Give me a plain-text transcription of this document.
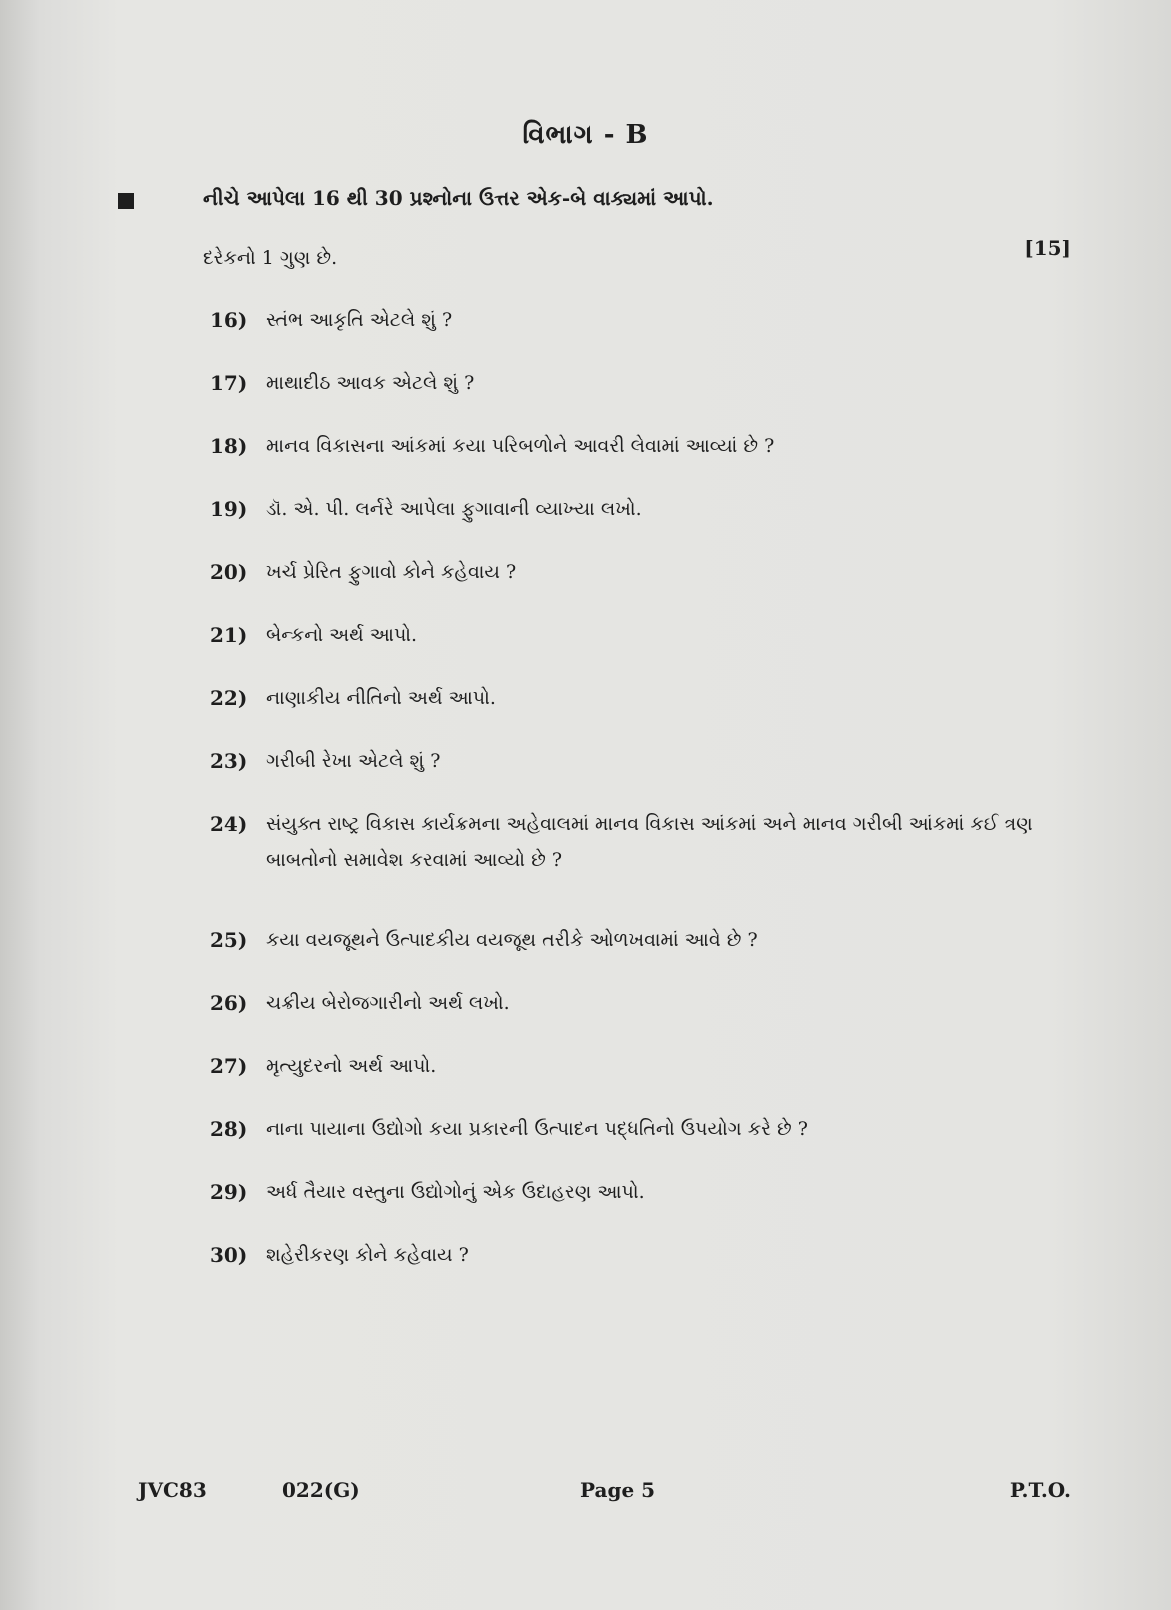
વિભાગ - B
નીચે આપેલા 16 થી 30 પ્રશ્નોના ઉત્તર એક-બે વાક્યમાં આપો.
દરેકનો 1 ગુણ છે.	[15]
16) સ્તંભ આકૃતિ એટલે શું ?
17) માથાદીઠ આવક એટલે શું ?
18) માનવ વિકાસના આંકમાં કયા પરિબળોને આવરી લેવામાં આવ્યાં છે ?
19) ડૉ. એ. પી. લર્નરે આપેલા ફુગાવાની વ્યાખ્યા લખો.
20) ખર્ચ પ્રેરિત ફુગાવો કોને કહેવાય ?
21) બેન્કનો અર્થ આપો.
22) નાણાકીય નીતિનો અર્થ આપો.
23) ગરીબી રેખા એટલે શું ?
24) સંયુક્ત રાષ્ટ્ર વિકાસ કાર્યક્રમના અહેવાલમાં માનવ વિકાસ આંકમાં અને માનવ ગરીબી આંકમાં કઈ ત્રણ બાબતોનો સમાવેશ કરવામાં આવ્યો છે ?
25) કયા વયજૂથને ઉત્પાદકીય વયજૂથ તરીકે ઓળખવામાં આવે છે ?
26) ચક્રીય બેરોજગારીનો અર્થ લખો.
27) મૃત્યુદરનો અર્થ આપો.
28) નાના પાયાના ઉદ્યોગો કયા પ્રકારની ઉત્પાદન પદ્ધતિનો ઉપયોગ કરે છે ?
29) અર્ધ તૈયાર વસ્તુના ઉદ્યોગોનું એક ઉદાહરણ આપો.
30) શહેરીકરણ કોને કહેવાય ?
JVC83	022(G)	Page 5	P.T.O.
